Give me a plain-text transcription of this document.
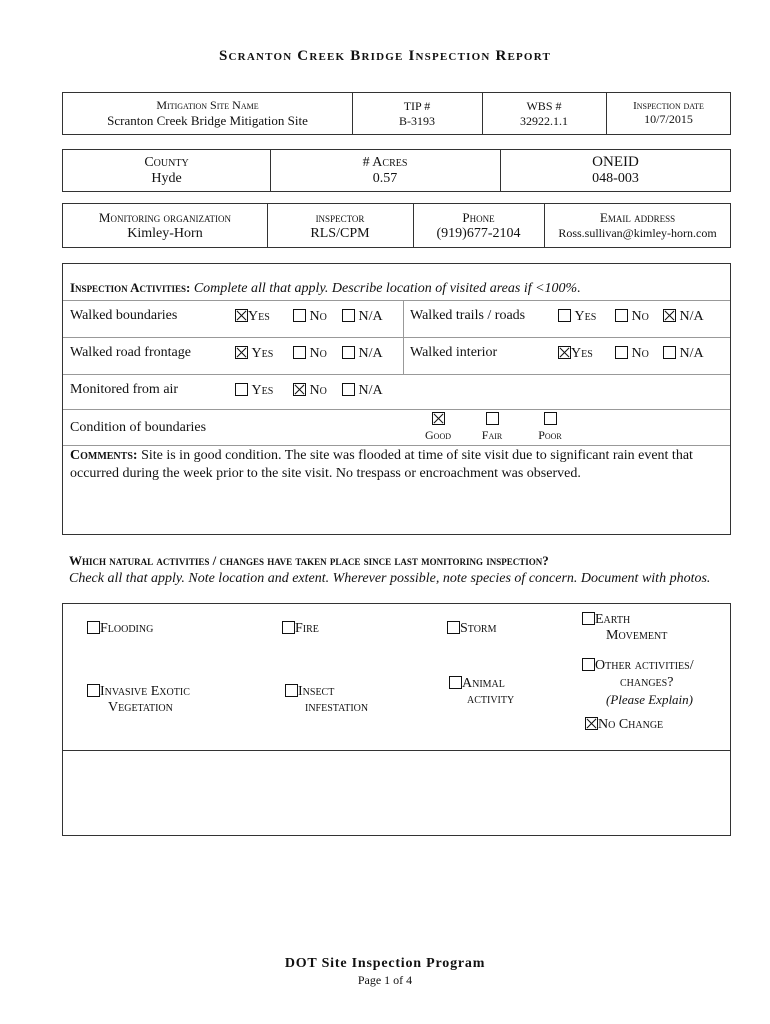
Scranton Creek Bridge Inspection Report
Mitigation Site Name
Scranton Creek Bridge Mitigation Site
TIP #
B-3193
WBS #
32922.1.1
Inspection date
10/7/2015
County
Hyde
# Acres
0.57
ONEID
048-003
Monitoring organization
Kimley-Horn
inspector
RLS/CPM
Phone
(919)677-2104
Email address
Ross.sullivan@kimley-horn.com
Inspection Activities: Complete all that apply. Describe location of visited areas if <100%.
Walked boundaries	Yes	No	N/A Walked trails / roads	Yes	No	N/A
Walked road frontage	Yes	No	N/A Walked interior	Yes	No	N/A
Monitored from air	Yes	No	N/A
Condition of boundaries	Good	Fair	Poor
Comments: Site is in good condition. The site was flooded at time of site visit due to significant rain event that occurred during the week prior to the site visit. No trespass or encroachment was observed.
Which natural activities / changes have taken place since last monitoring inspection?
Check all that apply. Note location and extent. Wherever possible, note species of concern. Document with photos.
Flooding	Fire	Storm
Earth
Movement
Invasive Exotic
Vegetation
Insect
infestation
Animal
activity
Other activities/
changes?
(Please Explain)
No Change
DOT Site Inspection Program
Page 1 of 4
